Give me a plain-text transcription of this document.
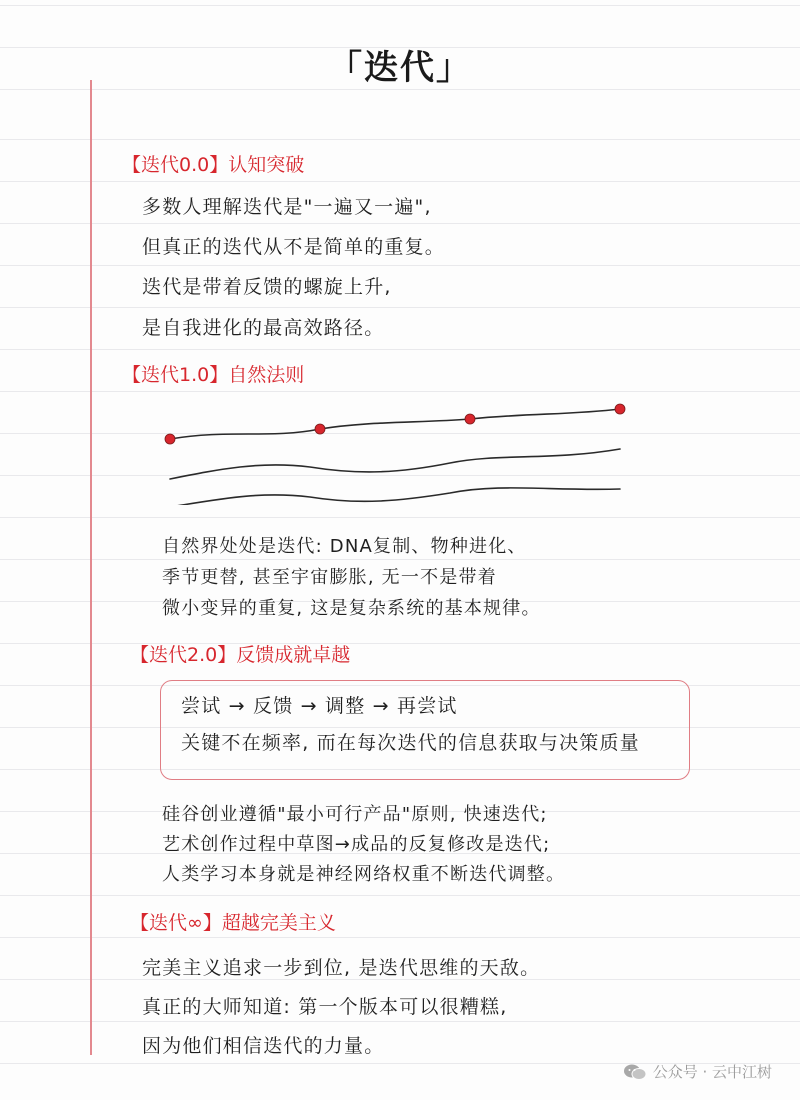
「迭代」
【迭代0.0】认知突破
多数人理解迭代是"一遍又一遍",
但真正的迭代从不是简单的重复。
迭代是带着反馈的螺旋上升,
是自我进化的最高效路径。
【迭代1.0】自然法则
自然界处处是迭代: DNA复制、物种进化、
季节更替, 甚至宇宙膨胀, 无一不是带着
微小变异的重复, 这是复杂系统的基本规律。
【迭代2.0】反馈成就卓越
尝试 → 反馈 → 调整 → 再尝试
关键不在频率, 而在每次迭代的信息获取与决策质量
硅谷创业遵循"最小可行产品"原则, 快速迭代;
艺术创作过程中草图→成品的反复修改是迭代;
人类学习本身就是神经网络权重不断迭代调整。
【迭代∞】超越完美主义
完美主义追求一步到位, 是迭代思维的天敌。
真正的大师知道: 第一个版本可以很糟糕,
因为他们相信迭代的力量。
公众号 · 云中江树
